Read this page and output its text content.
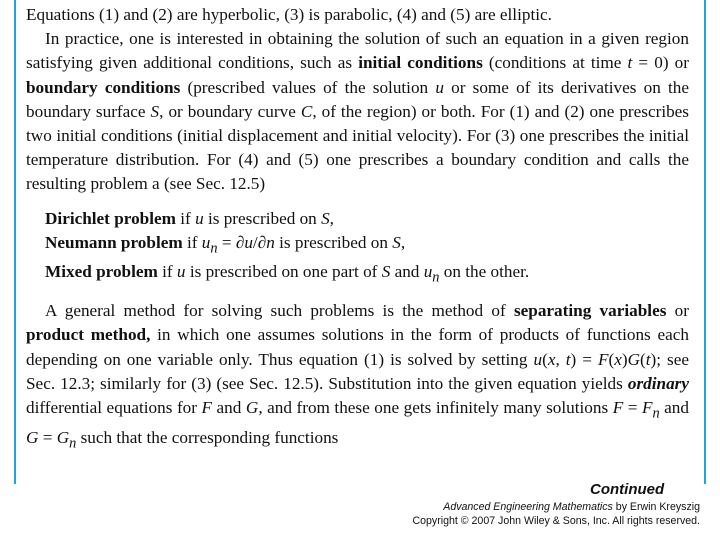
Equations (1) and (2) are hyperbolic, (3) is parabolic, (4) and (5) are elliptic.

In practice, one is interested in obtaining the solution of such an equation in a given region satisfying given additional conditions, such as initial conditions (conditions at time t = 0) or boundary conditions (prescribed values of the solution u or some of its derivatives on the boundary surface S, or boundary curve C, of the region) or both. For (1) and (2) one prescribes two initial conditions (initial displacement and initial velocity). For (3) one prescribes the initial temperature distribution. For (4) and (5) one prescribes a boundary condition and calls the resulting problem a (see Sec. 12.5)

Dirichlet problem if u is prescribed on S,
Neumann problem if $u_n = \partial u/\partial n$ is prescribed on S,
Mixed problem if u is prescribed on one part of S and $u_n$ on the other.

A general method for solving such problems is the method of separating variables or product method, in which one assumes solutions in the form of products of functions each depending on one variable only. Thus equation (1) is solved by setting u(x, t) = F(x)G(t); see Sec. 12.3; similarly for (3) (see Sec. 12.5). Substitution into the given equation yields ordinary differential equations for F and G, and from these one gets infinitely many solutions $F = F_n$ and $G = G_n$ such that the corresponding functions

Continued
Advanced Engineering Mathematics by Erwin Kreyszig
Copyright © 2007 John Wiley & Sons, Inc. All rights reserved.
